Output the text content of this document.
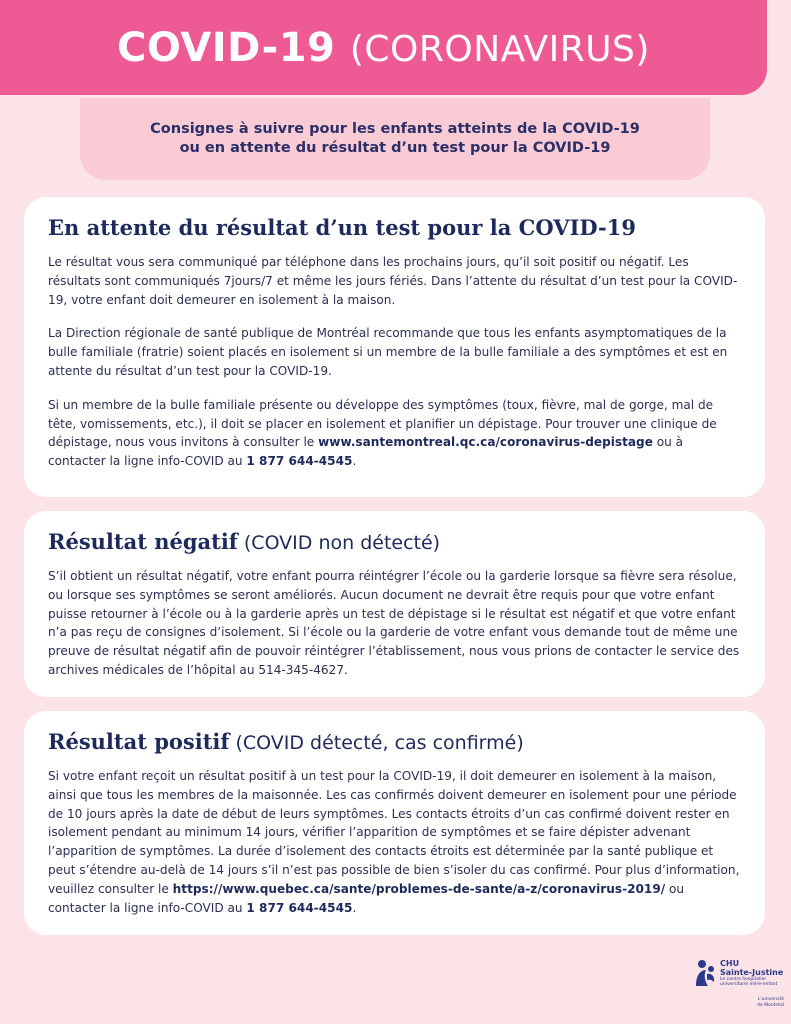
COVID-19 (CORONAVIRUS)

Consignes à suivre pour les enfants atteints de la COVID-19

ou en attente du résultat d’un test pour la COVID-19

En attente du résultat d’un test pour la COVID-19

Le résultat vous sera communiqué par téléphone dans les prochains jours, qu’il soit positif ou négatif. Les résultats sont communiqués 7jours/7 et même les jours fériés. Dans l’attente du résultat d’un test pour la COVID-19, votre enfant doit demeurer en isolement à la maison.

La Direction régionale de santé publique de Montréal recommande que tous les enfants asymptomatiques de la bulle familiale (fratrie) soient placés en isolement si un membre de la bulle familiale a des symptômes et est en attente du résultat d’un test pour la COVID-19.

Si un membre de la bulle familiale présente ou développe des symptômes (toux, fièvre, mal de gorge, mal de tête, vomissements, etc.), il doit se placer en isolement et planifier un dépistage. Pour trouver une clinique de dépistage, nous vous invitons à consulter le www.santemontreal.qc.ca/coronavirus-depistage ou à contacter la ligne info-COVID au 1 877 644-4545.

Résultat négatif (COVID non détecté)

S’il obtient un résultat négatif, votre enfant pourra réintégrer l’école ou la garderie lorsque sa fièvre sera résolue, ou lorsque ses symptômes se seront améliorés. Aucun document ne devrait être requis pour que votre enfant puisse retourner à l’école ou à la garderie après un test de dépistage si le résultat est négatif et que votre enfant n’a pas reçu de consignes d’isolement. Si l’école ou la garderie de votre enfant vous demande tout de même une preuve de résultat négatif afin de pouvoir réintégrer l’établissement, nous vous prions de contacter le service des archives médicales de l’hôpital au 514-345-4627.

Résultat positif (COVID détecté, cas confirmé)

Si votre enfant reçoit un résultat positif à un test pour la COVID-19, il doit demeurer en isolement à la maison, ainsi que tous les membres de la maisonnée. Les cas confirmés doivent demeurer en isolement pour une période de 10 jours après la date de début de leurs symptômes. Les contacts étroits d’un cas confirmé doivent rester en isolement pendant au minimum 14 jours, vérifier l’apparition de symptômes et se faire dépister advenant l’apparition de symptômes. La durée d’isolement des contacts étroits est déterminée par la santé publique et peut s’étendre au-delà de 14 jours s’il n’est pas possible de bien s’isoler du cas confirmé. Pour plus d’information, veuillez consulter le https://www.quebec.ca/sante/problemes-de-sante/a-z/coronavirus-2019/ ou contacter la ligne info-COVID au 1 877 644-4545.

CHU
Sainte-Justine
Le centre hospitalier universitaire mère-enfant
L’université
de Montréal
